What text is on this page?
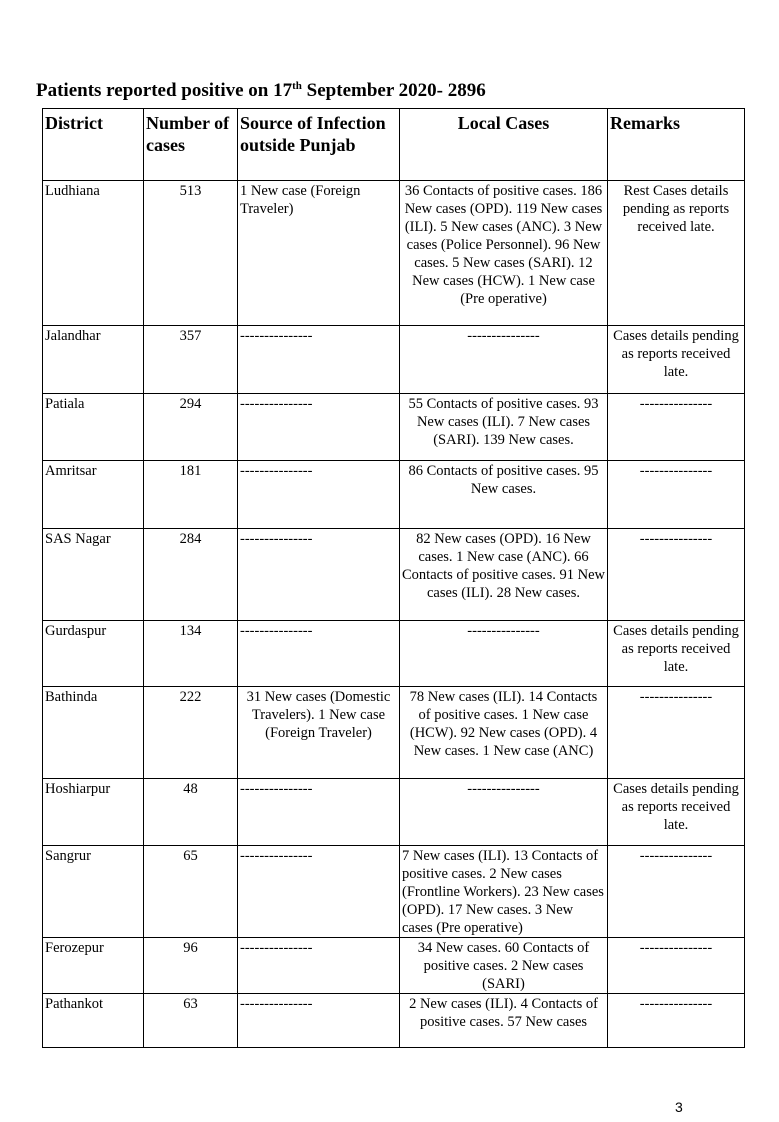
Patients reported positive on 17th September 2020- 2896
District	Number of cases	Source of Infection outside Punjab	Local Cases	Remarks
Ludhiana	513	1 New case (Foreign Traveler)	36 Contacts of positive cases. 186 New cases (OPD). 119 New cases (ILI). 5 New cases (ANC). 3 New cases (Police Personnel). 96 New cases. 5 New cases (SARI). 12 New cases (HCW). 1 New case (Pre operative)	Rest Cases details pending as reports received late.
Jalandhar	357	---------------	---------------	Cases details pending as reports received late.
Patiala	294	---------------	55 Contacts of positive cases. 93 New cases (ILI). 7 New cases (SARI). 139 New cases.	---------------
Amritsar	181	---------------	86 Contacts of positive cases. 95 New cases.	---------------
SAS Nagar	284	---------------	82 New cases (OPD). 16 New cases. 1 New case (ANC). 66 Contacts of positive cases. 91 New cases (ILI). 28 New cases.	---------------
Gurdaspur	134	---------------	---------------	Cases details pending as reports received late.
Bathinda	222	31 New cases (Domestic Travelers). 1 New case (Foreign Traveler)	78 New cases (ILI). 14 Contacts of positive cases. 1 New case (HCW). 92 New cases (OPD). 4 New cases. 1 New case (ANC)	---------------
Hoshiarpur	48	---------------	---------------	Cases details pending as reports received late.
Sangrur	65	---------------	7 New cases (ILI). 13 Contacts of positive cases. 2 New cases (Frontline Workers). 23 New cases (OPD). 17 New cases. 3 New cases (Pre operative)	---------------
Ferozepur	96	---------------	34 New cases. 60 Contacts of positive cases. 2 New cases (SARI)	---------------
Pathankot	63	---------------	2 New cases (ILI). 4 Contacts of positive cases. 57 New cases	---------------
3
